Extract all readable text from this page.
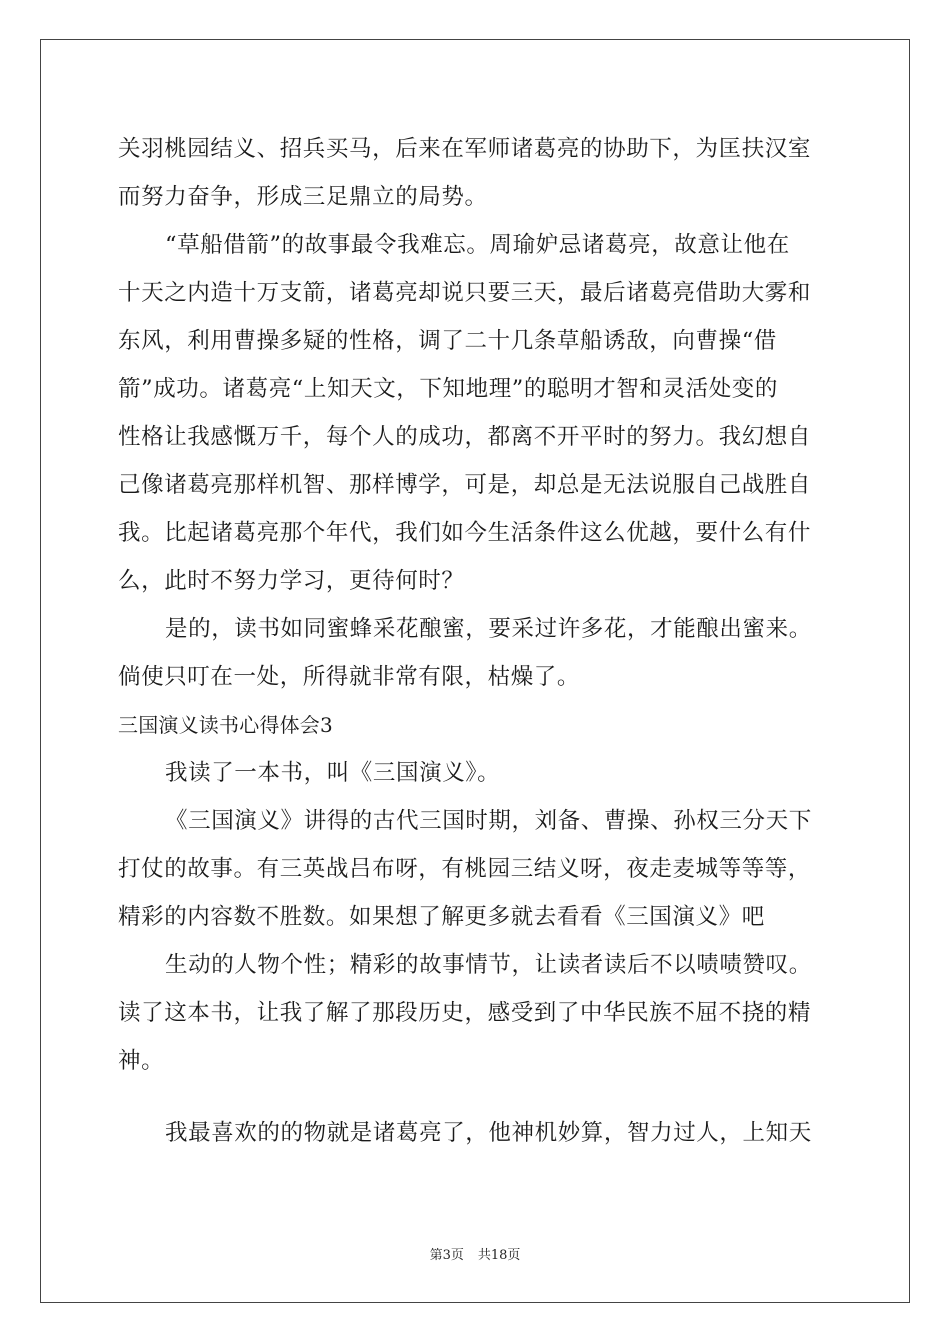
关羽桃园结义、招兵买马，后来在军师诸葛亮的协助下，为匡扶汉室
而努力奋争，形成三足鼎立的局势。
“草船借箭”的故事最令我难忘。周瑜妒忌诸葛亮，故意让他在
十天之内造十万支箭，诸葛亮却说只要三天，最后诸葛亮借助大雾和
东风，利用曹操多疑的性格，调了二十几条草船诱敌，向曹操“借
箭”成功。诸葛亮“上知天文，下知地理”的聪明才智和灵活处变的
性格让我感慨万千，每个人的成功，都离不开平时的努力。我幻想自
己像诸葛亮那样机智、那样博学，可是，却总是无法说服自己战胜自
我。比起诸葛亮那个年代，我们如今生活条件这么优越，要什么有什
么，此时不努力学习，更待何时？
是的，读书如同蜜蜂采花酿蜜，要采过许多花，才能酿出蜜来。
倘使只叮在一处，所得就非常有限，枯燥了。
三国演义读书心得体会3
我读了一本书，叫《三国演义》。
《三国演义》讲得的古代三国时期，刘备、曹操、孙权三分天下
打仗的故事。有三英战吕布呀，有桃园三结义呀，夜走麦城等等等，
精彩的内容数不胜数。如果想了解更多就去看看《三国演义》吧
生动的人物个性；精彩的故事情节，让读者读后不以啧啧赞叹。
读了这本书，让我了解了那段历史，感受到了中华民族不屈不挠的精
神。
我最喜欢的的物就是诸葛亮了，他神机妙算，智力过人，上知天
第3页 共18页
